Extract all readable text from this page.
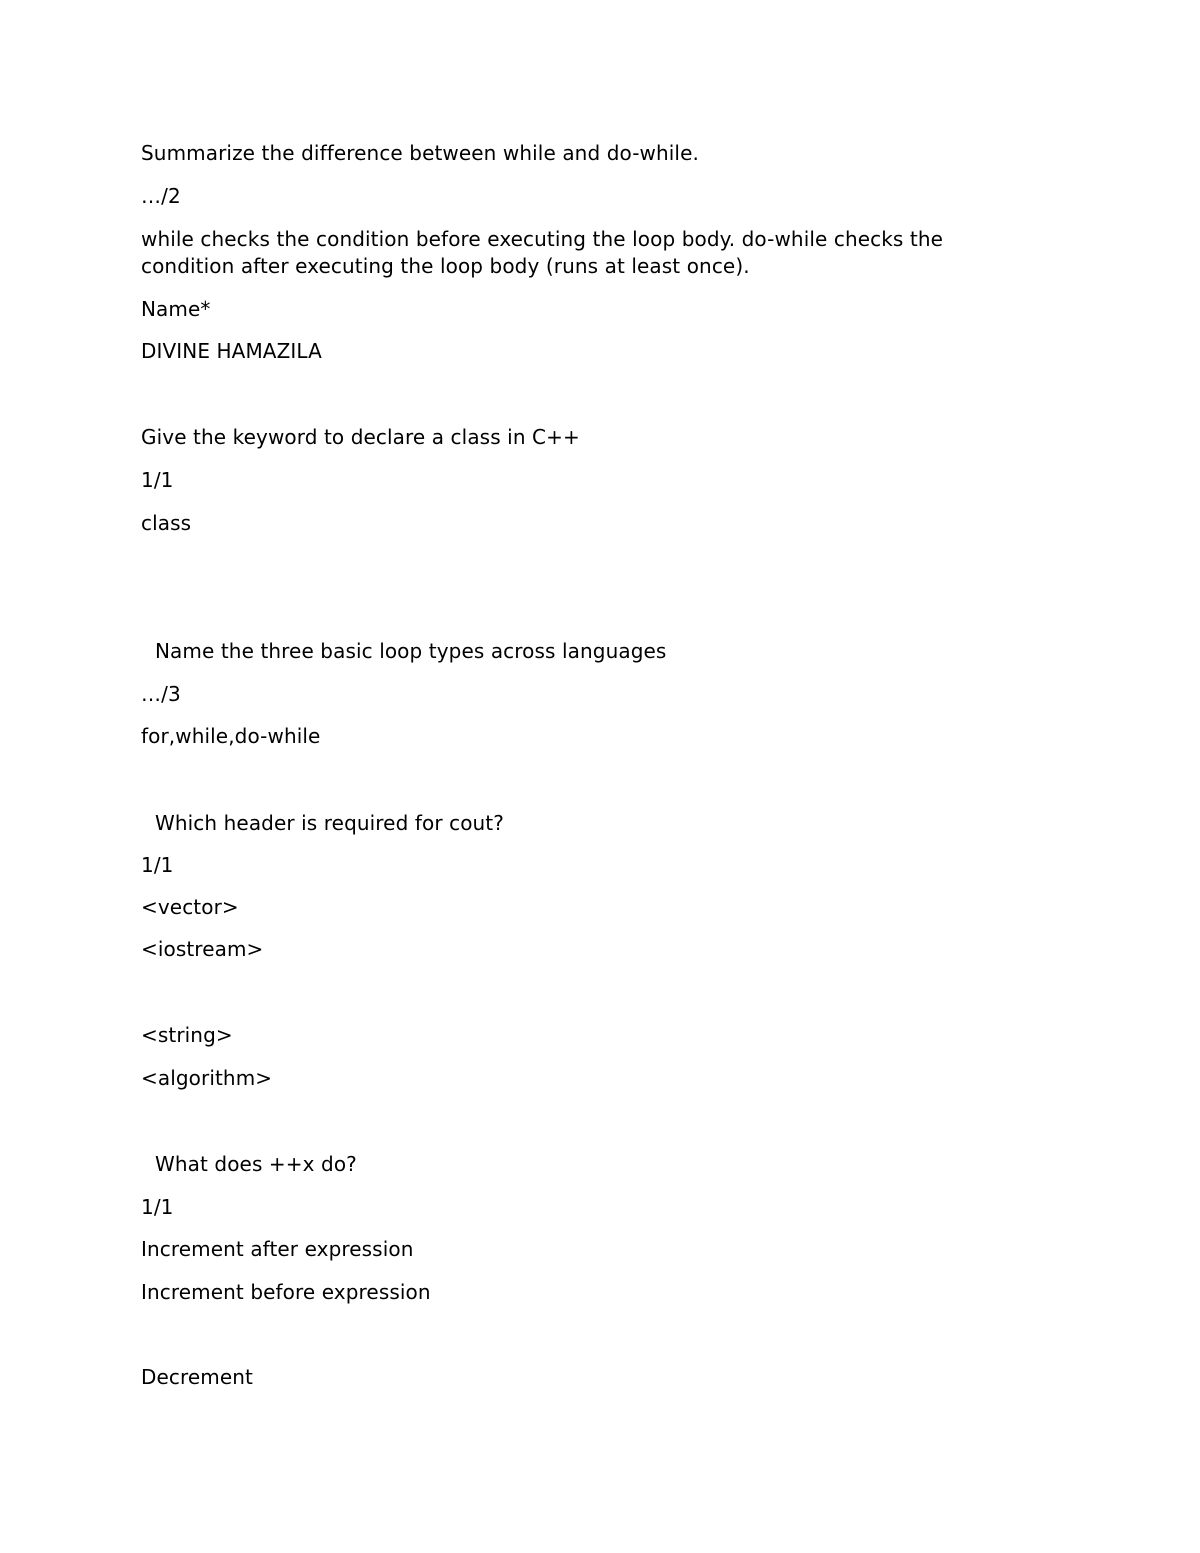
Summarize the difference between while and do-while.
…/2
while checks the condition before executing the loop body. do-while checks the condition after executing the loop body (runs at least once).
Name*
DIVINE HAMAZILA
Give the keyword to declare a class in C++
1/1
class
Name the three basic loop types across languages
…/3
for,while,do-while
Which header is required for cout?
1/1
<vector>
<iostream>
<string>
<algorithm>
What does ++x do?
1/1
Increment after expression
Increment before expression
Decrement
